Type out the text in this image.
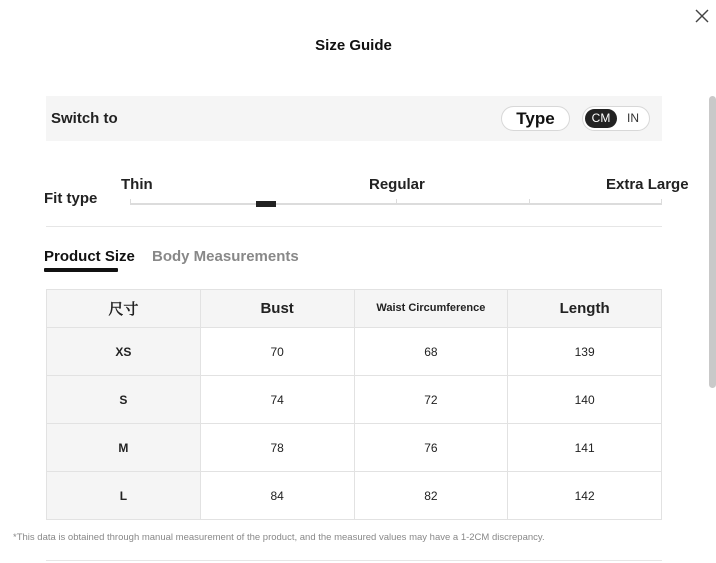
Size Guide
Switch to	Type	CM	IN
Fit type
Thin	Regular	Extra Large
Product Size Body Measurements
尺寸	Bust	Waist Circumference	Length
XS	70	68	139
S	74	72	140
M	78	76	141
L	84	82	142
*This data is obtained through manual measurement of the product, and the measured values may have a 1-2CM discrepancy.
